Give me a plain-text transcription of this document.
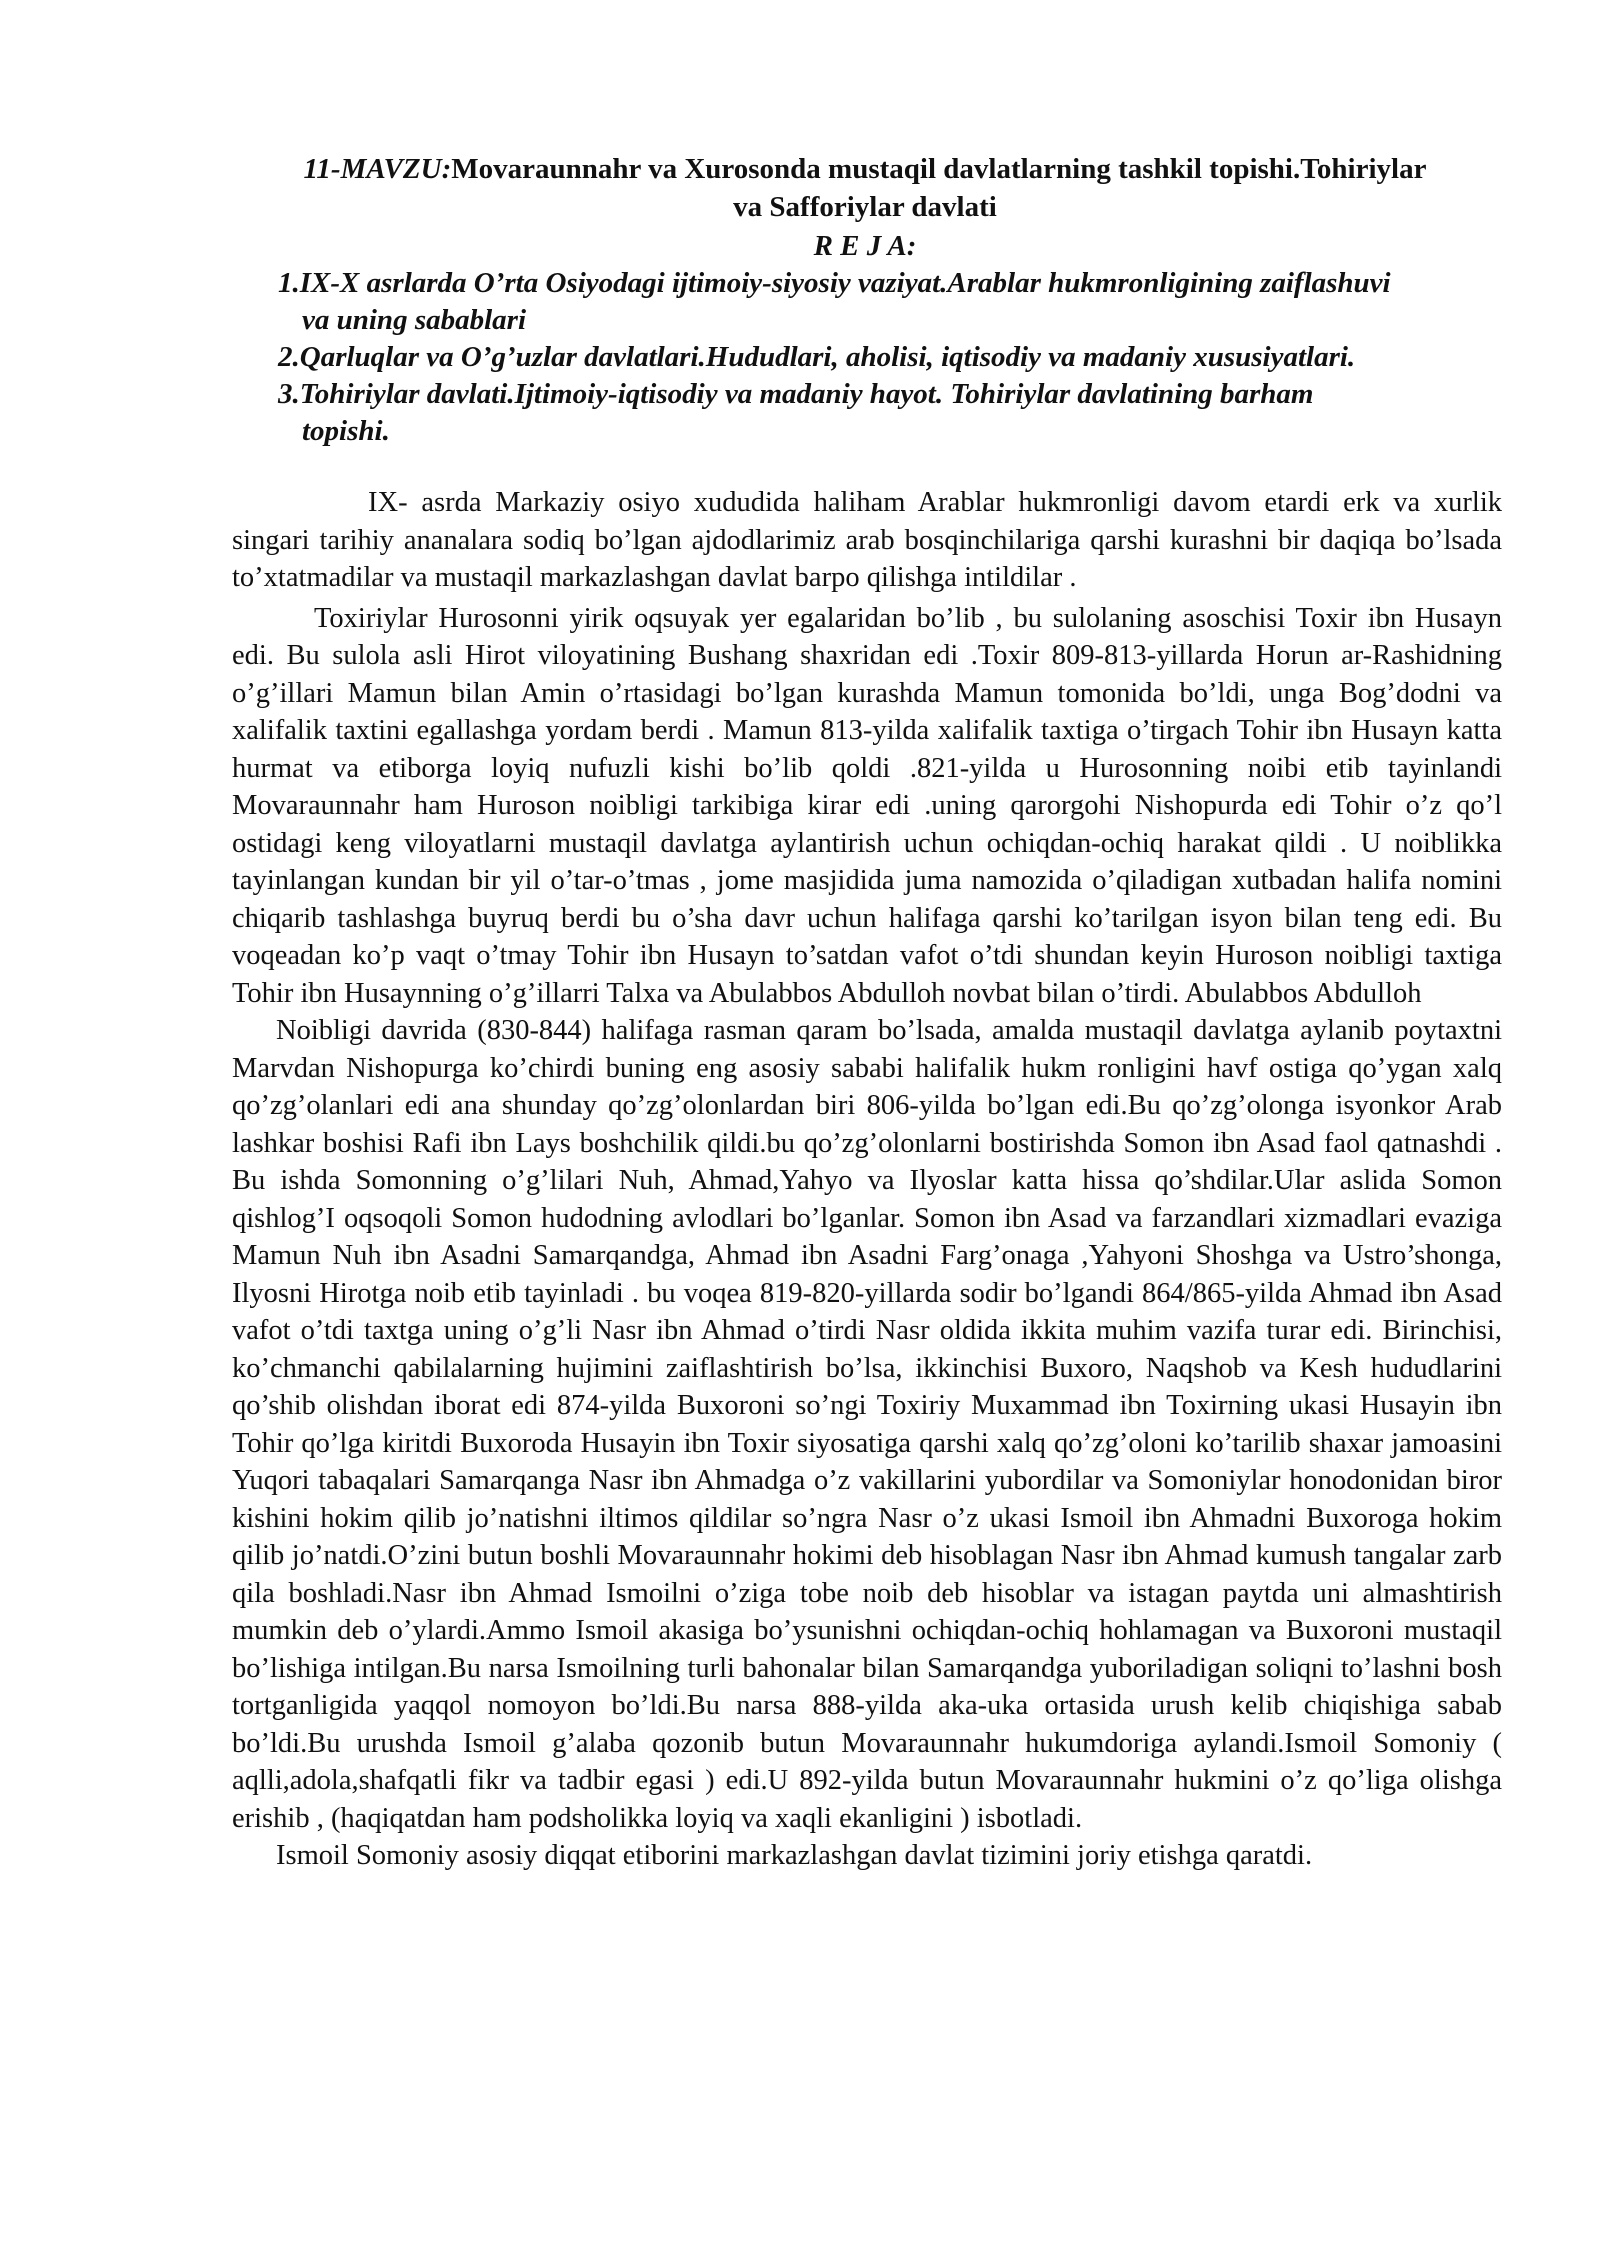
11-MAVZU:Movaraunnahr va Xurosonda mustaqil davlatlarning tashkil topishi.Tohiriylar va Safforiylar davlati
R E J A:
1.IX-X asrlarda O’rta Osiyodagi ijtimoiy-siyosiy vaziyat.Arablar hukmronligining zaiflashuvi va uning sabablari
2.Qarluqlar va O’g’uzlar davlatlari.Hududlari, aholisi, iqtisodiy va madaniy xususiyatlari.
3.Tohiriylar davlati.Ijtimoiy-iqtisodiy va madaniy hayot. Tohiriylar davlatining barham topishi.

IX- asrda Markaziy osiyo xududida haliham Arablar hukmronligi davom etardi erk va xurlik singari tarihiy ananalara sodiq bo’lgan ajdodlarimiz arab bosqinchilariga qarshi kurashni bir daqiqa bo’lsada to’xtatmadilar va mustaqil markazlashgan davlat barpo qilishga intildilar .

Toxiriylar Hurosonni yirik oqsuyak yer egalaridan bo’lib , bu sulolaning asoschisi Toxir ibn Husayn edi. Bu sulola asli Hirot viloyatining Bushang shaxridan edi .Toxir 809-813-yillarda Horun ar-Rashidning o’g’illari Mamun bilan Amin o’rtasidagi bo’lgan kurashda Mamun tomonida bo’ldi, unga Bog’dodni va xalifalik taxtini egallashga yordam berdi . Mamun 813-yilda xalifalik taxtiga o’tirgach Tohir ibn Husayn katta hurmat va etiborga loyiq nufuzli kishi bo’lib qoldi .821-yilda u Hurosonning noibi etib tayinlandi Movaraunnahr ham Huroson noibligi tarkibiga kirar edi .uning qarorgohi Nishopurda edi Tohir o’z qo’l ostidagi keng viloyatlarni mustaqil davlatga aylantirish uchun ochiqdan-ochiq harakat qildi . U noiblikka tayinlangan kundan bir yil o’tar-o’tmas , jome masjidida juma namozida o’qiladigan xutbadan halifa nomini chiqarib tashlashga buyruq berdi bu o’sha davr uchun halifaga qarshi ko’tarilgan isyon bilan teng edi. Bu voqeadan ko’p vaqt o’tmay Tohir ibn Husayn to’satdan vafot o’tdi shundan keyin Huroson noibligi taxtiga Tohir ibn Husaynning o’g’illarri Talxa va Abulabbos Abdulloh novbat bilan o’tirdi. Abulabbos Abdulloh

Noibligi davrida (830-844) halifaga rasman qaram bo’lsada, amalda mustaqil davlatga aylanib poytaxtni Marvdan Nishopurga ko’chirdi buning eng asosiy sababi halifalik hukm ronligini havf ostiga qo’ygan xalq qo’zg’olanlari edi ana shunday qo’zg’olonlardan biri 806-yilda bo’lgan edi.Bu qo’zg’olonga isyonkor Arab lashkar boshisi Rafi ibn Lays boshchilik qildi.bu qo’zg’olonlarni bostirishda Somon ibn Asad faol qatnashdi . Bu ishda Somonning o’g’lilari Nuh, Ahmad,Yahyo va Ilyoslar katta hissa qo’shdilar.Ular aslida Somon qishlog’I oqsoqoli Somon hudodning avlodlari bo’lganlar. Somon ibn Asad va farzandlari xizmadlari evaziga Mamun Nuh ibn Asadni Samarqandga, Ahmad ibn Asadni Farg’onaga ,Yahyoni Shoshga va Ustro’shonga, Ilyosni Hirotga noib etib tayinladi . bu voqea 819-820-yillarda sodir bo’lgandi 864/865-yilda Ahmad ibn Asad vafot o’tdi taxtga uning o’g’li Nasr ibn Ahmad o’tirdi Nasr oldida ikkita muhim vazifa turar edi. Birinchisi, ko’chmanchi qabilalarning hujimini zaiflashtirish bo’lsa, ikkinchisi Buxoro, Naqshob va Kesh hududlarini qo’shib olishdan iborat edi 874-yilda Buxoroni so’ngi Toxiriy Muxammad ibn Toxirning ukasi Husayin ibn Tohir qo’lga kiritdi Buxoroda Husayin ibn Toxir siyosatiga qarshi xalq qo’zg’oloni ko’tarilib shaxar jamoasini Yuqori tabaqalari Samarqanga Nasr ibn Ahmadga o’z vakillarini yubordilar va Somoniylar honodonidan biror kishini hokim qilib jo’natishni iltimos qildilar so’ngra Nasr o’z ukasi Ismoil ibn Ahmadni Buxoroga hokim qilib jo’natdi.O’zini butun boshli Movaraunnahr hokimi deb hisoblagan Nasr ibn Ahmad kumush tangalar zarb qila boshladi.Nasr ibn Ahmad Ismoilni o’ziga tobe noib deb hisoblar va istagan paytda uni almashtirish mumkin deb o’ylardi.Ammo Ismoil akasiga bo’ysunishni ochiqdan-ochiq hohlamagan va Buxoroni mustaqil bo’lishiga intilgan.Bu narsa Ismoilning turli bahonalar bilan Samarqandga yuboriladigan soliqni to’lashni bosh tortganligida yaqqol nomoyon bo’ldi.Bu narsa 888-yilda aka-uka ortasida urush kelib chiqishiga sabab bo’ldi.Bu urushda Ismoil g’alaba qozonib butun Movaraunnahr hukumdoriga aylandi.Ismoil Somoniy ( aqlli,adola,shafqatli fikr va tadbir egasi ) edi.U 892-yilda butun Movaraunnahr hukmini o’z qo’liga olishga erishib , (haqiqatdan ham podsholikka loyiq va xaqli ekanligini ) isbotladi.

Ismoil Somoniy asosiy diqqat etiborini markazlashgan davlat tizimini joriy etishga qaratdi.
